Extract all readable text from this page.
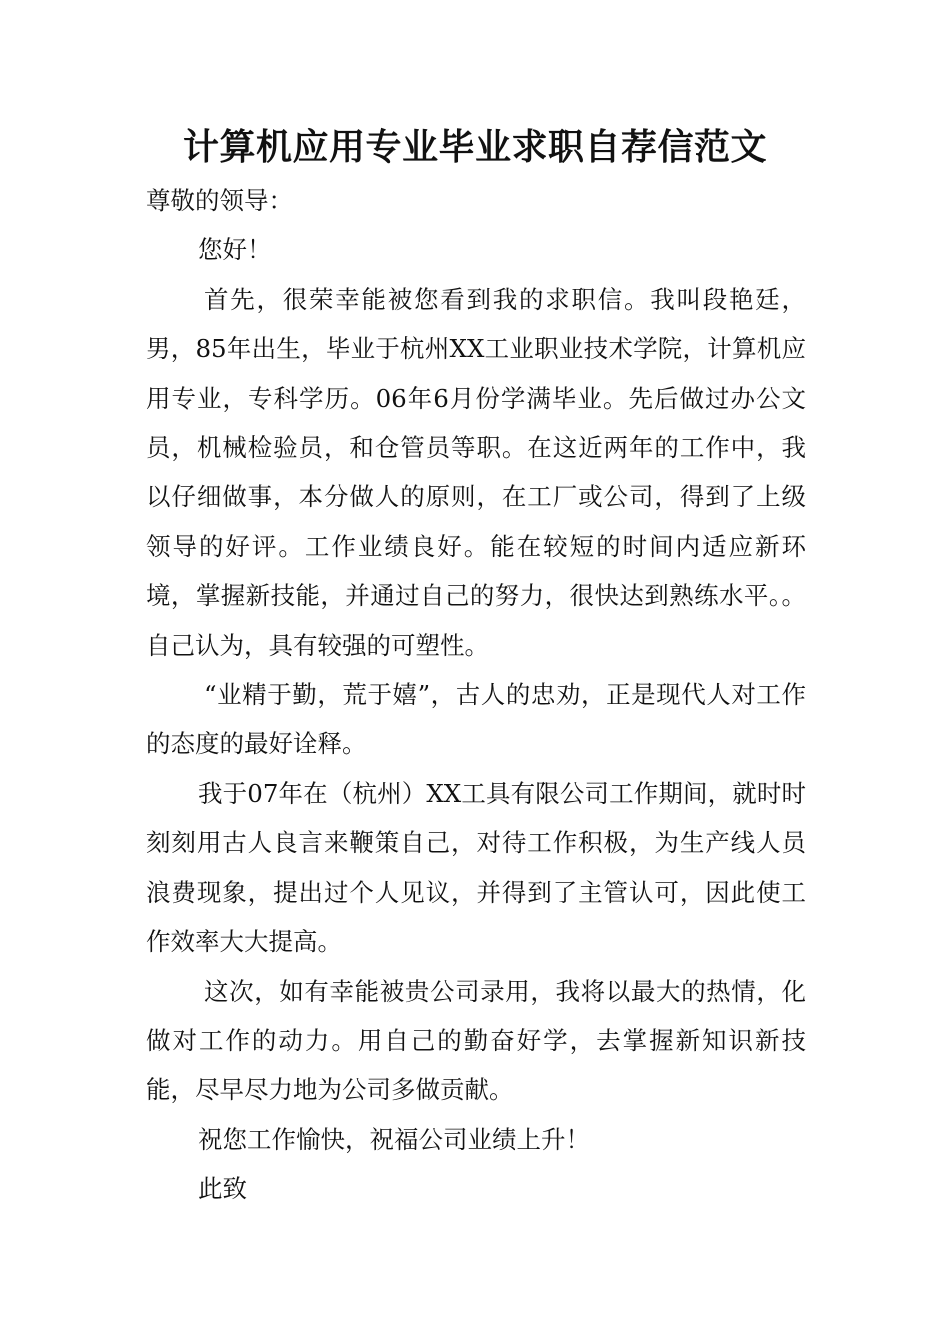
计算机应用专业毕业求职自荐信范文

尊敬的领导：

您好！

首先，很荣幸能被您看到我的求职信。我叫段艳廷，男，85年出生，毕业于杭州XX工业职业技术学院，计算机应用专业，专科学历。06年6月份学满毕业。先后做过办公文员，机械检验员，和仓管员等职。在这近两年的工作中，我以仔细做事，本分做人的原则，在工厂或公司，得到了上级领导的好评。工作业绩良好。能在较短的时间内适应新环境，掌握新技能，并通过自己的努力，很快达到熟练水平。。自己认为，具有较强的可塑性。

“业精于勤，荒于嬉”，古人的忠劝，正是现代人对工作的态度的最好诠释。

我于07年在（杭州）XX工具有限公司工作期间，就时时刻刻用古人良言来鞭策自己，对待工作积极，为生产线人员浪费现象，提出过个人见议，并得到了主管认可，因此使工作效率大大提高。

这次，如有幸能被贵公司录用，我将以最大的热情，化做对工作的动力。用自己的勤奋好学，去掌握新知识新技能，尽早尽力地为公司多做贡献。

祝您工作愉快，祝福公司业绩上升！

此致
